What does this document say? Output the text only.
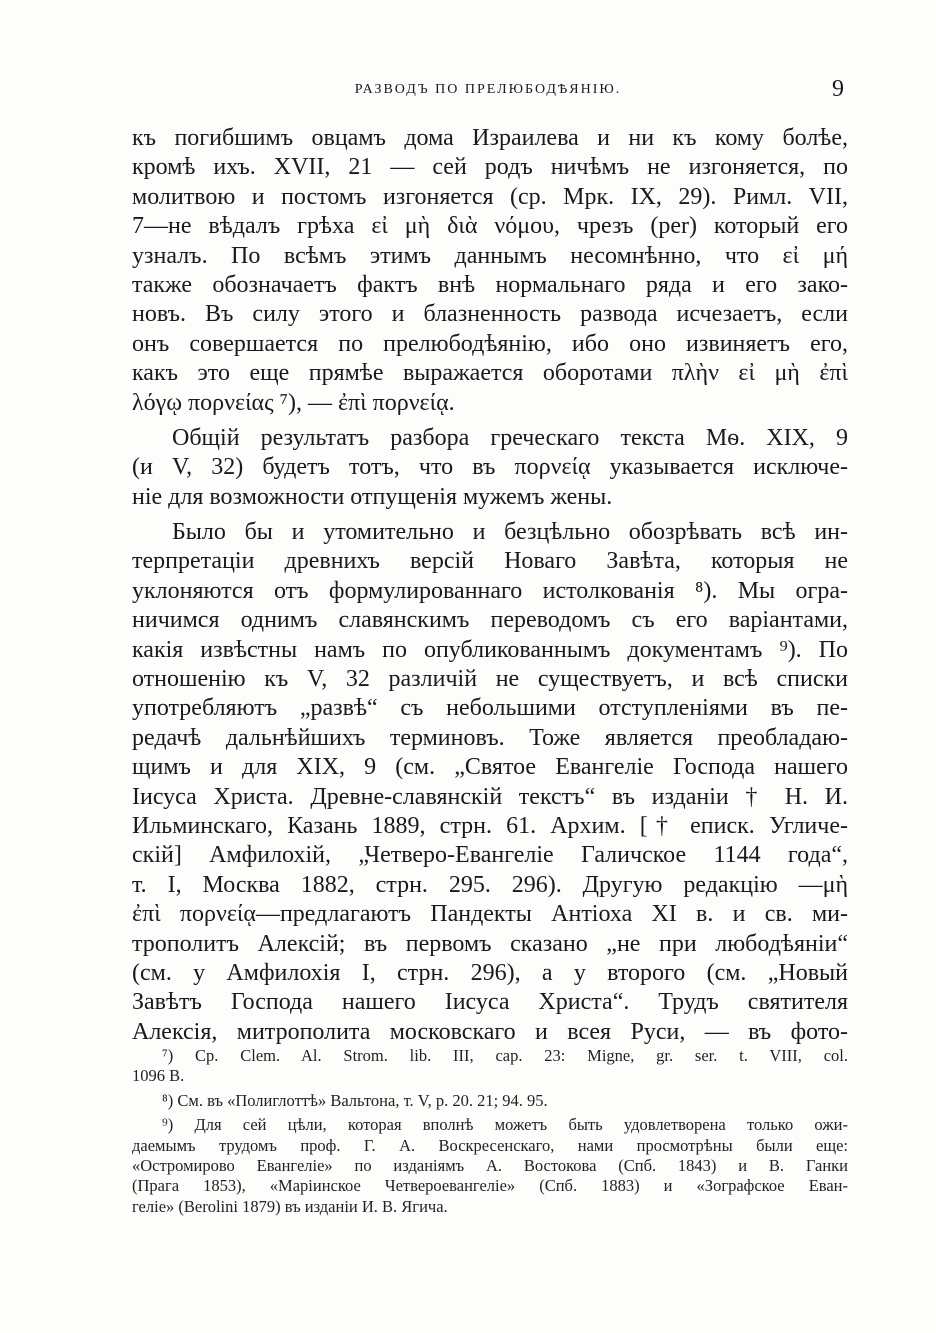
РАЗВОДЪ ПО ПРЕЛЮБОДѢЯНІЮ.	9
къ погибшимъ овцамъ дома Израилева и ни къ кому болѣе,
кромѣ ихъ. XVII, 21 — сей родъ ничѣмъ не изгоняется, по
молитвою и постомъ изгоняется (ср. Мрк. IX, 29). Римл. VII,
7—не вѣдалъ грѣха εἰ μὴ διὰ νόμου, чрезъ (per) который его
узналъ. По всѣмъ этимъ даннымъ несомнѣнно, что εἰ μή
также обозначаетъ фактъ внѣ нормальнаго ряда и его зако-
новъ. Въ силу этого и блазненность развода исчезаетъ, если
онъ совершается по прелюбодѣянію, ибо оно извиняетъ его,
какъ это еще прямѣе выражается оборотами πλὴν εἰ μὴ ἐπὶ
λόγῳ πορνείας ⁷), — ἐπὶ πορνείᾳ.
Общій результатъ разбора греческаго текста Мѳ. XIX, 9
(и V, 32) будетъ тотъ, что въ πορνείᾳ указывается исключе-
ніе для возможности отпущенія мужемъ жены.
Было бы и утомительно и безцѣльно обозрѣвать всѣ ин-
терпретаціи древнихъ версій Новаго Завѣта, которыя не
уклоняются отъ формулированнаго истолкованія ⁸). Мы огра-
ничимся однимъ славянскимъ переводомъ съ его варіантами,
какія извѣстны намъ по опубликованнымъ документамъ ⁹). По
отношенію къ V, 32 различій не существуетъ, и всѣ списки
употребляютъ „развѣ“ съ небольшими отступленіями въ пе-
редачѣ дальнѣйшихъ терминовъ. Тоже является преобладаю-
щимъ и для XIX, 9 (см. „Святое Евангеліе Господа нашего
Іисуса Христа. Древне-славянскій текстъ“ въ изданіи † Н. И.
Ильминскаго, Казань 1889, стрн. 61. Архим. [† еписк. Угличе-
скій] Амфилохій, „Четверо-Евангеліе Галичское 1144 года“,
т. I, Москва 1882, стрн. 295. 296). Другую редакцію —μὴ
ἐπὶ πορνείᾳ—предлагаютъ Пандекты Антіоха XI в. и св. ми-
трополитъ Алексій; въ первомъ сказано „не при любодѣяніи“
(см. у Амфилохія I, стрн. 296), а у второго (см. „Новый
Завѣтъ Господа нашего Іисуса Христа“. Трудъ святителя
Алексія, митрополита московскаго и всея Руси, — въ фото-
⁷) Ср. Clem. Al. Strom. lib. III, cap. 23: Migne, gr. ser. t. VIII, col.
1096 B.
⁸) См. въ «Полиглоттѣ» Вальтона, т. V, р. 20. 21; 94. 95.
⁹) Для сей цѣли, которая вполнѣ можетъ быть удовлетворена только ожи-
даемымъ трудомъ проф. Г. А. Воскресенскаго, нами просмотрѣны были еще:
«Остромирово Евангеліе» по изданіямъ А. Востокова (Спб. 1843) и В. Ганки
(Прага 1853), «Маріинское Четвероевангеліе» (Спб. 1883) и «Зографское Еван-
геліе» (Berolini 1879) въ изданіи И. В. Ягича.
